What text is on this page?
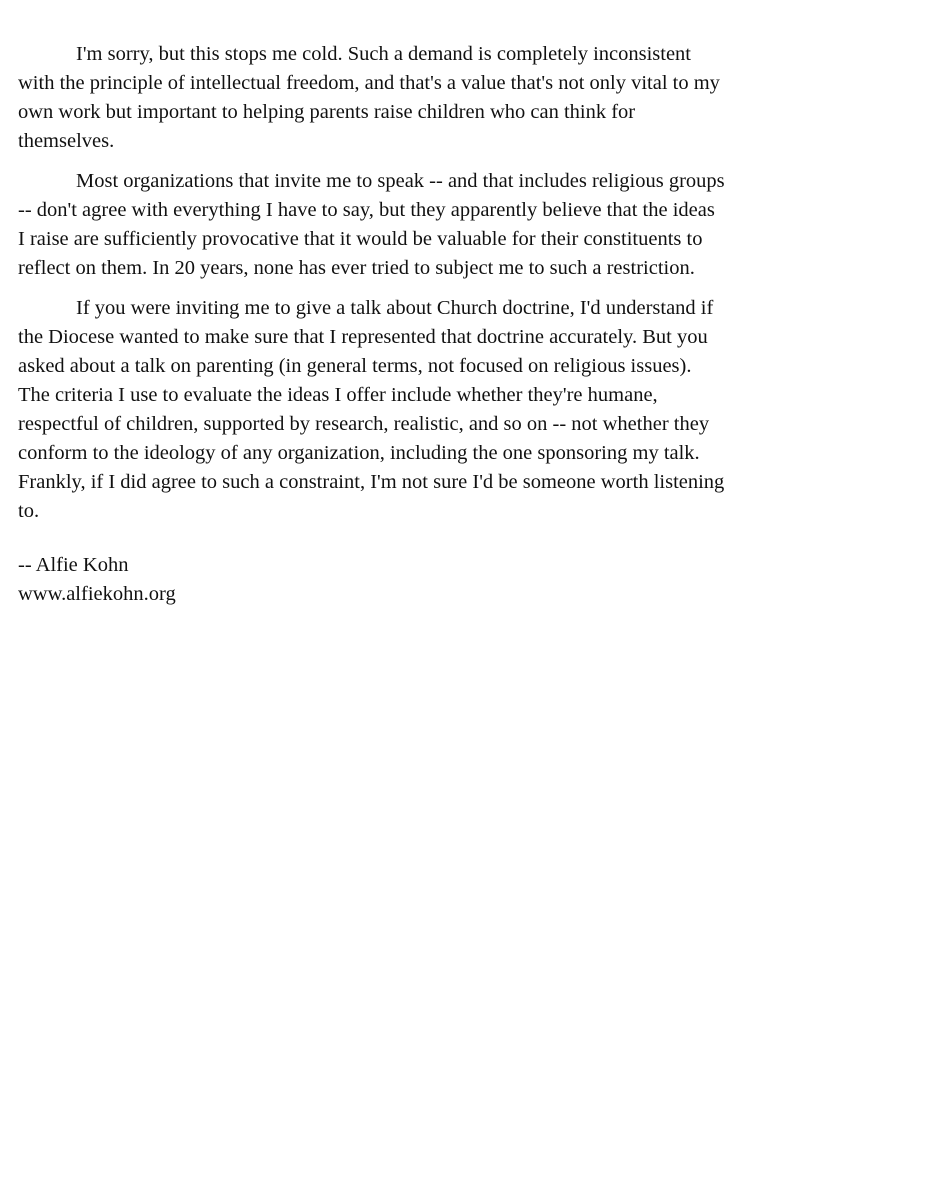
I'm sorry, but this stops me cold. Such a demand is completely inconsistent
with the principle of intellectual freedom, and that's a value that's not only vital to my
own work but important to helping parents raise children who can think for
themselves.

Most organizations that invite me to speak -- and that includes religious groups
-- don't agree with everything I have to say, but they apparently believe that the ideas
I raise are sufficiently provocative that it would be valuable for their constituents to
reflect on them. In 20 years, none has ever tried to subject me to such a restriction.

If you were inviting me to give a talk about Church doctrine, I'd understand if
the Diocese wanted to make sure that I represented that doctrine accurately. But you
asked about a talk on parenting (in general terms, not focused on religious issues).
The criteria I use to evaluate the ideas I offer include whether they're humane,
respectful of children, supported by research, realistic, and so on -- not whether they
conform to the ideology of any organization, including the one sponsoring my talk.
Frankly, if I did agree to such a constraint, I'm not sure I'd be someone worth listening
to.

-- Alfie Kohn
www.alfiekohn.org
